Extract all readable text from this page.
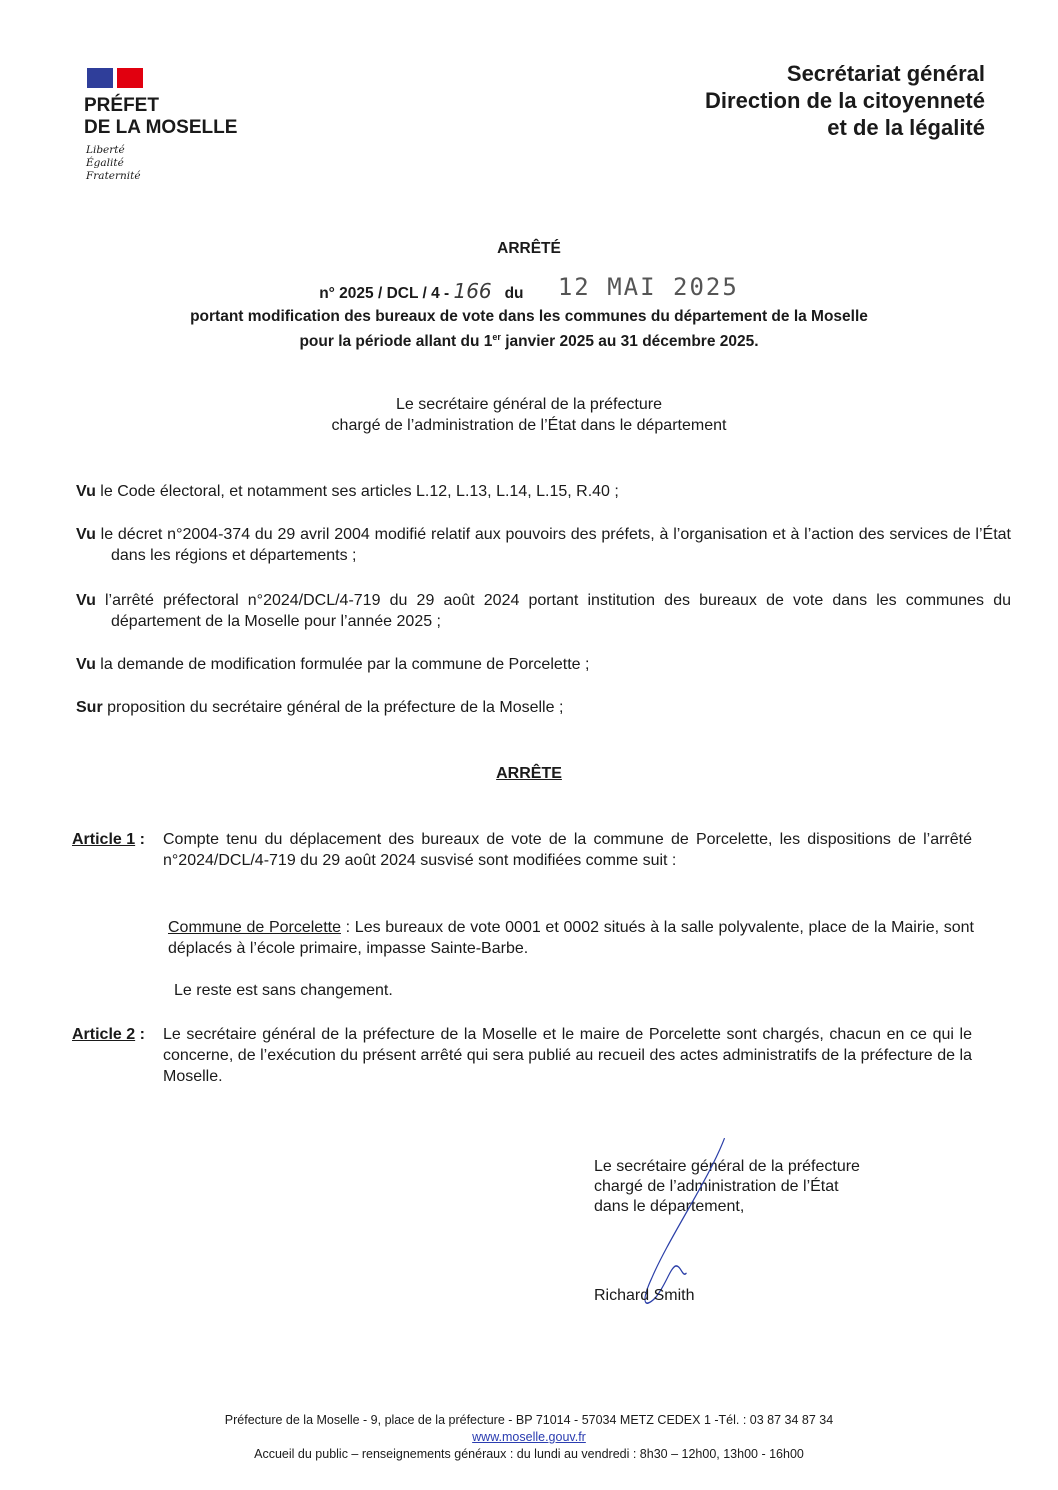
PRÉFET
DE LA MOSELLE
Liberté
Égalité
Fraternité
Secrétariat général
Direction de la citoyenneté
et de la légalité
ARRÊTÉ
n° 2025 / DCL / 4 - 166 du 12 MAI 2025
portant modification des bureaux de vote dans les communes du département de la Moselle
pour la période allant du 1er janvier 2025 au 31 décembre 2025.
Le secrétaire général de la préfecture
chargé de l’administration de l’État dans le département
Vu le Code électoral, et notamment ses articles L.12, L.13, L.14, L.15, R.40 ;
Vu le décret n°2004-374 du 29 avril 2004 modifié relatif aux pouvoirs des préfets, à l’organisation et à l’action des services de l’État dans les régions et départements ;
Vu l’arrêté préfectoral n°2024/DCL/4-719 du 29 août 2024 portant institution des bureaux de vote dans les communes du département de la Moselle pour l’année 2025 ;
Vu la demande de modification formulée par la commune de Porcelette ;
Sur proposition du secrétaire général de la préfecture de la Moselle ;
ARRÊTE
Article 1 : Compte tenu du déplacement des bureaux de vote de la commune de Porcelette, les dispositions de l’arrêté n°2024/DCL/4-719 du 29 août 2024 susvisé sont modifiées comme suit :
Commune de Porcelette : Les bureaux de vote 0001 et 0002 situés à la salle polyvalente, place de la Mairie, sont déplacés à l’école primaire, impasse Sainte-Barbe.
Le reste est sans changement.
Article 2 : Le secrétaire général de la préfecture de la Moselle et le maire de Porcelette sont chargés, chacun en ce qui le concerne, de l’exécution du présent arrêté qui sera publié au recueil des actes administratifs de la préfecture de la Moselle.
Le secrétaire général de la préfecture
chargé de l’administration de l’État
dans le département,
Richard Smith
Préfecture de la Moselle - 9, place de la préfecture - BP 71014 - 57034 METZ CEDEX 1 -Tél. : 03 87 34 87 34
www.moselle.gouv.fr
Accueil du public – renseignements généraux : du lundi au vendredi : 8h30 – 12h00, 13h00 - 16h00
